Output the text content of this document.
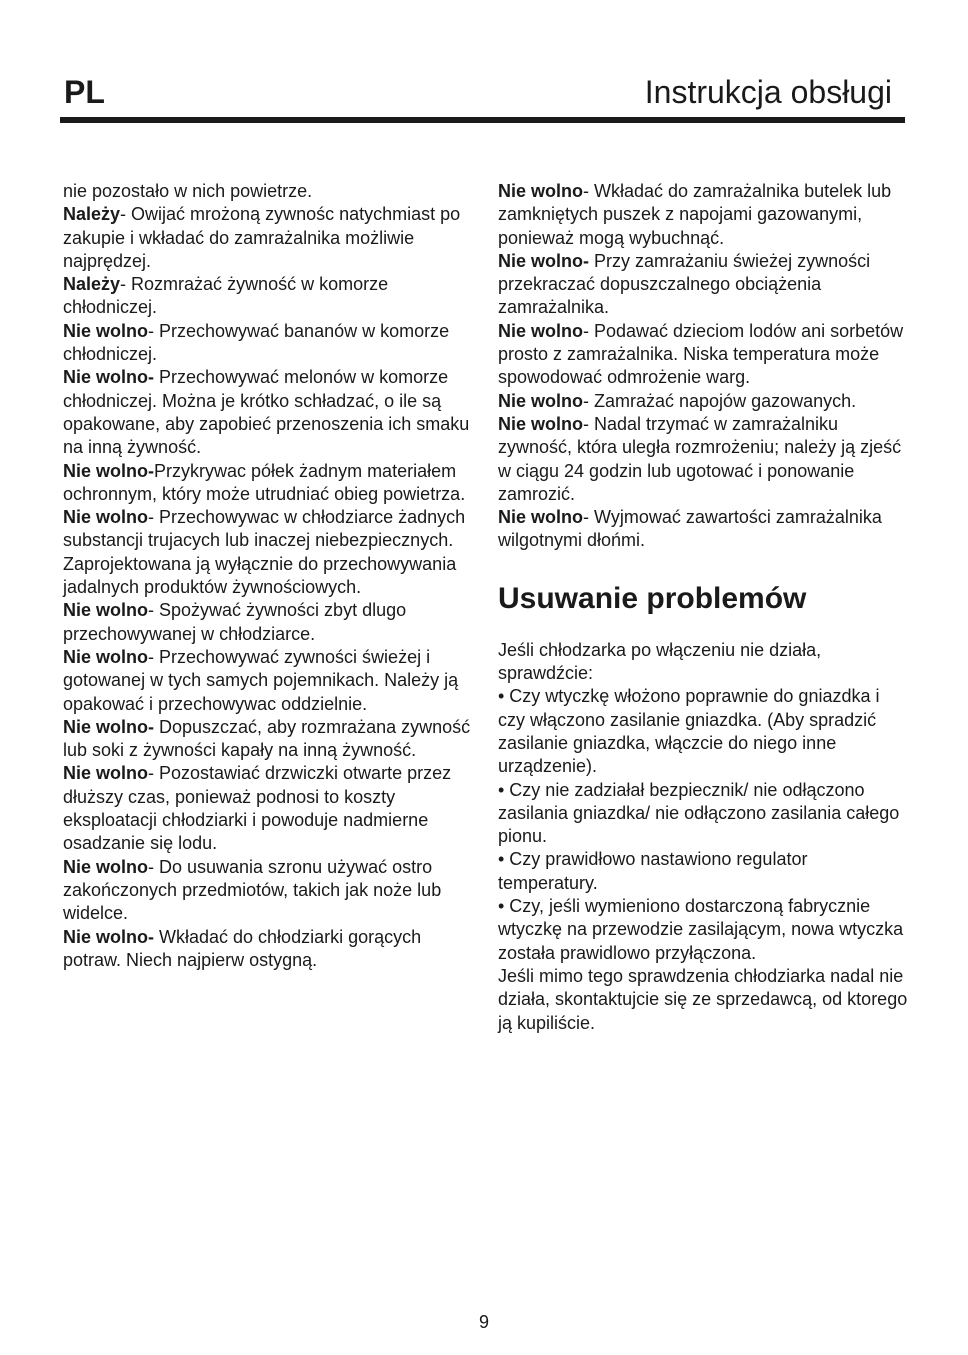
PL	Instrukcja obsługi

nie pozostało w nich powietrze.

Należy- Owijać mrożoną zywnośc natychmiast po zakupie i wkładać do zamrażalnika możliwie najprędzej.

Należy- Rozmrażać żywność w komorze chłodniczej.

Nie wolno- Przechowywać bananów w komorze chłodniczej.

Nie wolno- Przechowywać melonów w komorze chłodniczej. Można je krótko schładzać, o ile są opakowane, aby zapobieć przenoszenia ich smaku na inną żywność.

Nie wolno-Przykrywac półek żadnym materiałem ochronnym, który może utrudniać obieg powietrza.

Nie wolno- Przechowywac w chłodziarce żadnych substancji trujacych lub inaczej niebezpiecznych. Zaprojektowana ją wyłącznie do przechowywania jadalnych produktów żywnościowych.

Nie wolno- Spożywać żywności zbyt dlugo przechowywanej w chłodziarce.

Nie wolno- Przechowywać zywności świeżej i gotowanej w tych samych pojemnikach. Należy ją opakować i przechowywac oddzielnie.

Nie wolno- Dopuszczać, aby rozmrażana zywność lub soki z żywności kapały na inną żywność.

Nie wolno- Pozostawiać drzwiczki otwarte przez dłuższy czas, ponieważ podnosi to koszty eksploatacji chłodziarki i powoduje nadmierne osadzanie się lodu.

Nie wolno- Do usuwania szronu używać ostro zakończonych przedmiotów, takich jak noże lub widelce.

Nie wolno- Wkładać do chłodziarki gorących potraw. Niech najpierw ostygną.

Nie wolno- Wkładać do zamrażalnika butelek lub zamkniętych puszek z napojami gazowanymi, ponieważ mogą wybuchnąć.

Nie wolno- Przy zamrażaniu świeżej zywności przekraczać dopuszczalnego obciążenia zamrażalnika.

Nie wolno- Podawać dzieciom lodów ani sorbetów prosto z zamrażalnika. Niska temperatura może spowodować odmrożenie warg.

Nie wolno- Zamrażać napojów gazowanych.

Nie wolno- Nadal trzymać w zamrażalniku zywność, która uległa rozmrożeniu; należy ją zjeść w ciągu 24 godzin lub ugotować i ponowanie zamrozić.

Nie wolno- Wyjmować zawartości zamrażalnika wilgotnymi dłońmi.

Usuwanie problemów

Jeśli chłodzarka po włączeniu nie działa, sprawdźcie:

• Czy wtyczkę włożono poprawnie do gniazdka i czy włączono zasilanie gniazdka. (Aby spradzić zasilanie gniazdka, włączcie do niego inne urządzenie).

• Czy nie zadziałał bezpiecznik/ nie odłączono zasilania gniazdka/ nie odłączono zasilania całego pionu.

• Czy prawidłowo nastawiono regulator temperatury.

• Czy, jeśli wymieniono dostarczoną fabrycznie wtyczkę na przewodzie zasilającym, nowa wtyczka została prawidlowo przyłączona.

Jeśli mimo tego sprawdzenia chłodziarka nadal nie działa, skontaktujcie się ze sprzedawcą, od ktorego ją kupiliście.

9
